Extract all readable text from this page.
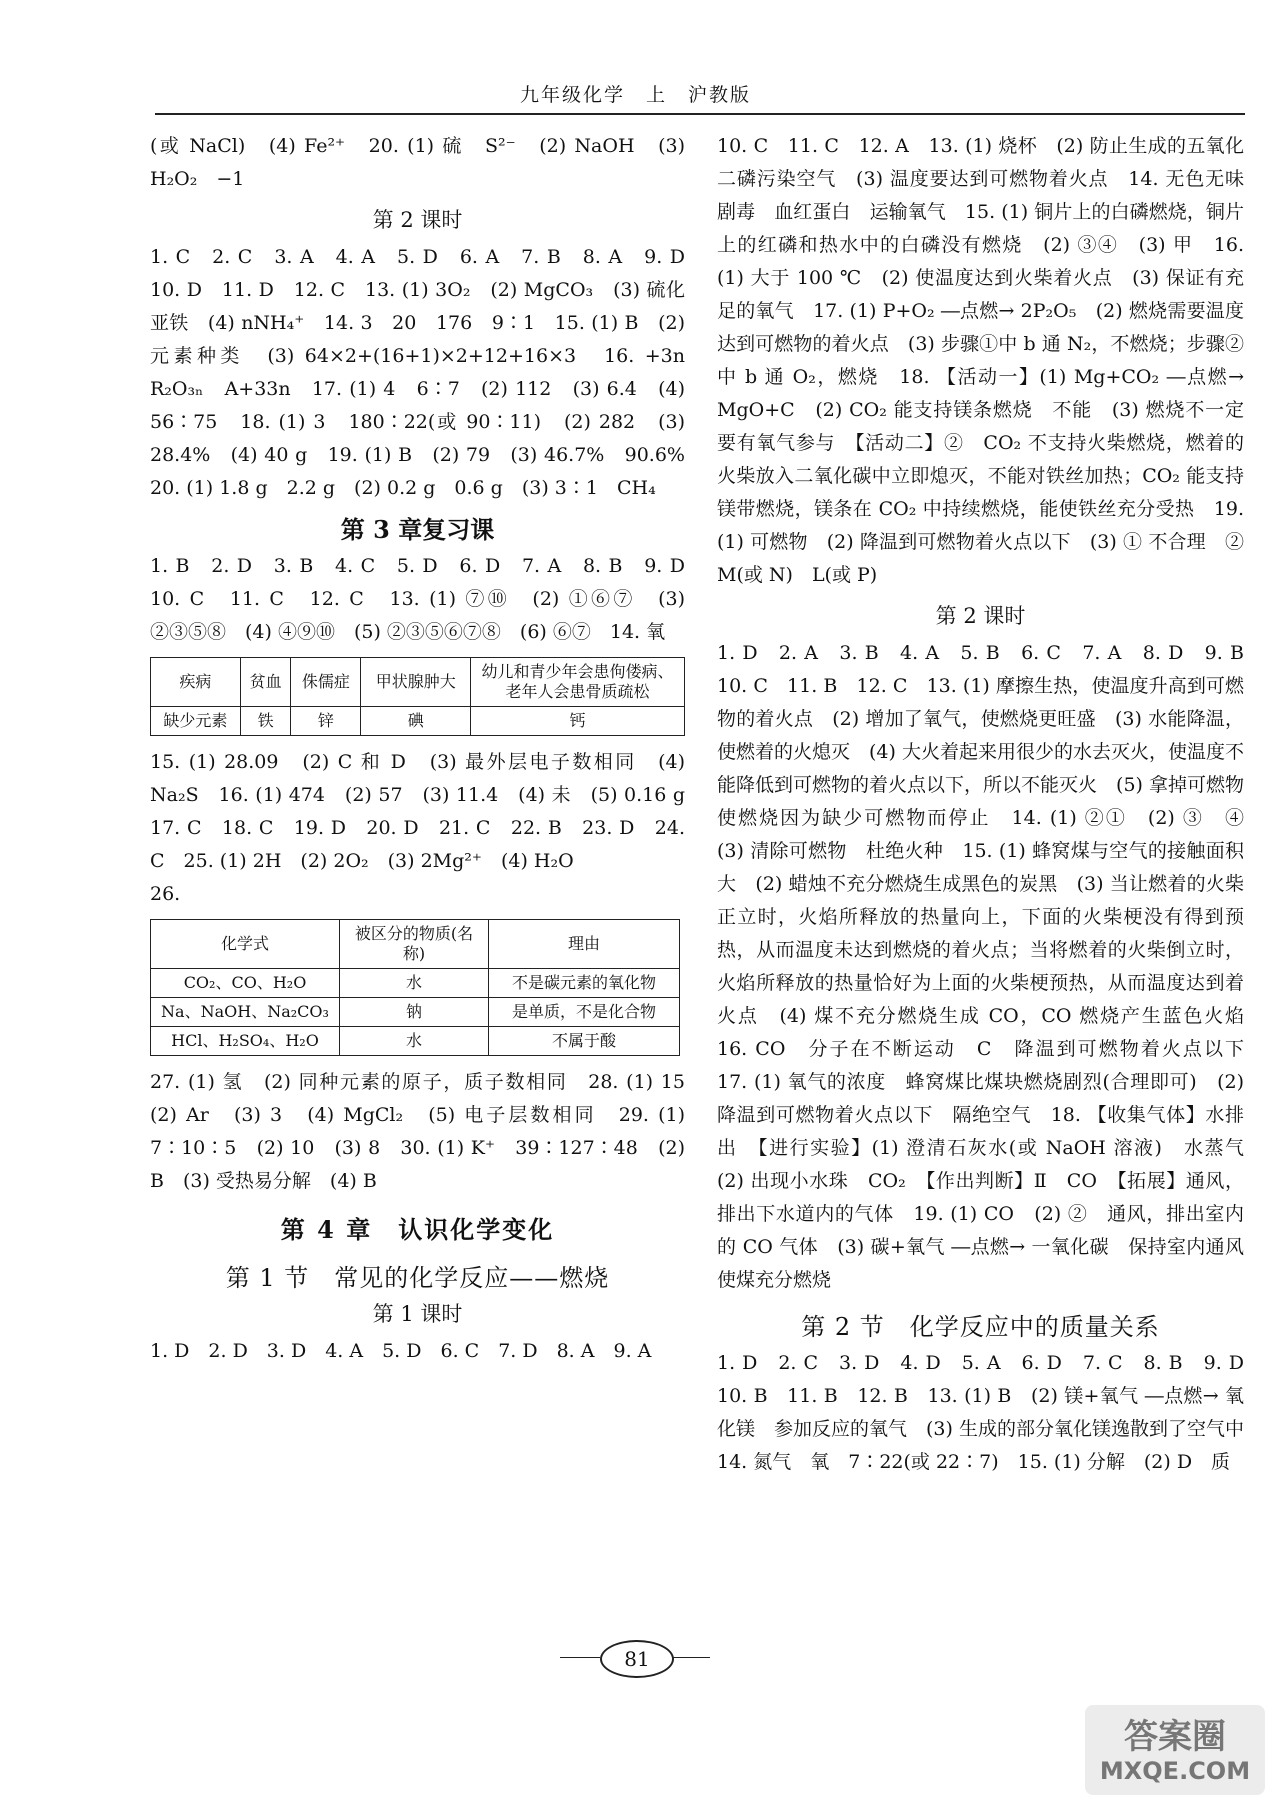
九年级化学　上　沪教版

(或 NaCl)　(4) Fe²⁺　20. (1) 硫　S²⁻　(2) NaOH　(3) H₂O₂　−1

第 2 课时

1. C　2. C　3. A　4. A　5. D　6. A　7. B　8. A　9. D　10. D　11. D　12. C　13. (1) 3O₂　(2) MgCO₃　(3) 硫化亚铁　(4) nNH₄⁺　14. 3　20　176　9∶1　15. (1) B　(2) 元素种类　(3) 64×2+(16+1)×2+12+16×3　16. +3n　R₂O₃ₙ　A+33n　17. (1) 4　6∶7　(2) 112　(3) 6.4　(4) 56∶75　18. (1) 3　180∶22(或 90∶11)　(2) 282　(3) 28.4%　(4) 40 g　19. (1) B　(2) 79　(3) 46.7%　90.6%　20. (1) 1.8 g　2.2 g　(2) 0.2 g　0.6 g　(3) 3∶1　CH₄

第 3 章复习课

1. B　2. D　3. B　4. C　5. D　6. D　7. A　8. B　9. D　10. C　11. C　12. C　13. (1) ⑦⑩　(2) ①⑥⑦　(3) ②③⑤⑧　(4) ④⑨⑩　(5) ②③⑤⑥⑦⑧　(6) ⑥⑦　14. 氧

疾病	贫血	侏儒症	甲状腺肿大	幼儿和青少年会患佝偻病、老年人会患骨质疏松
缺少元素	铁	锌	碘	钙

15. (1) 28.09　(2) C 和 D　(3) 最外层电子数相同　(4) Na₂S　16. (1) 474　(2) 57　(3) 11.4　(4) 未　(5) 0.16 g　17. C　18. C　19. D　20. D　21. C　22. B　23. D　24. C　25. (1) 2H　(2) 2O₂　(3) 2Mg²⁺　(4) H₂O

26.

化学式	被区分的物质(名称)	理由
CO₂、CO、H₂O	水	不是碳元素的氧化物
Na、NaOH、Na₂CO₃	钠	是单质，不是化合物
HCl、H₂SO₄、H₂O	水	不属于酸

27. (1) 氢　(2) 同种元素的原子，质子数相同　28. (1) 15　(2) Ar　(3) 3　(4) MgCl₂　(5) 电子层数相同　29. (1) 7∶10∶5　(2) 10　(3) 8　30. (1) K⁺　39∶127∶48　(2) B　(3) 受热易分解　(4) B

第 4 章　认识化学变化
第 1 节　常见的化学反应——燃烧
第 1 课时

1. D　2. D　3. D　4. A　5. D　6. C　7. D　8. A　9. A

10. C　11. C　12. A　13. (1) 烧杯　(2) 防止生成的五氧化二磷污染空气　(3) 温度要达到可燃物着火点　14. 无色无味　剧毒　血红蛋白　运输氧气　15. (1) 铜片上的白磷燃烧，铜片上的红磷和热水中的白磷没有燃烧　(2) ③④　(3) 甲　16. (1) 大于 100 ℃　(2) 使温度达到火柴着火点　(3) 保证有充足的氧气　17. (1) P+O₂ ―点燃→ 2P₂O₅　(2) 燃烧需要温度达到可燃物的着火点　(3) 步骤①中 b 通 N₂，不燃烧；步骤②中 b 通 O₂，燃烧　18. 【活动一】(1) Mg+CO₂ ―点燃→ MgO+C　(2) CO₂ 能支持镁条燃烧　不能　(3) 燃烧不一定要有氧气参与　【活动二】②　CO₂ 不支持火柴燃烧，燃着的火柴放入二氧化碳中立即熄灭，不能对铁丝加热；CO₂ 能支持镁带燃烧，镁条在 CO₂ 中持续燃烧，能使铁丝充分受热　19. (1) 可燃物　(2) 降温到可燃物着火点以下　(3) ① 不合理　② M(或 N)　L(或 P)

第 2 课时

1. D　2. A　3. B　4. A　5. B　6. C　7. A　8. D　9. B　10. C　11. B　12. C　13. (1) 摩擦生热，使温度升高到可燃物的着火点　(2) 增加了氧气，使燃烧更旺盛　(3) 水能降温，使燃着的火熄灭　(4) 大火着起来用很少的水去灭火，使温度不能降低到可燃物的着火点以下，所以不能灭火　(5) 拿掉可燃物使燃烧因为缺少可燃物而停止　14. (1) ②①　(2) ③　④　(3) 清除可燃物　杜绝火种　15. (1) 蜂窝煤与空气的接触面积大　(2) 蜡烛不充分燃烧生成黑色的炭黑　(3) 当让燃着的火柴正立时，火焰所释放的热量向上，下面的火柴梗没有得到预热，从而温度未达到燃烧的着火点；当将燃着的火柴倒立时，火焰所释放的热量恰好为上面的火柴梗预热，从而温度达到着火点　(4) 煤不充分燃烧生成 CO，CO 燃烧产生蓝色火焰　16. CO　分子在不断运动　C　降温到可燃物着火点以下　17. (1) 氧气的浓度　蜂窝煤比煤块燃烧剧烈(合理即可)　(2) 降温到可燃物着火点以下　隔绝空气　18. 【收集气体】水排出　【进行实验】(1) 澄清石灰水(或 NaOH 溶液)　水蒸气　(2) 出现小水珠　CO₂　【作出判断】Ⅱ　CO　【拓展】通风，排出下水道内的气体　19. (1) CO　(2) ②　通风，排出室内的 CO 气体　(3) 碳+氧气 ―点燃→ 一氧化碳　保持室内通风　使煤充分燃烧

第 2 节　化学反应中的质量关系

1. D　2. C　3. D　4. D　5. A　6. D　7. C　8. B　9. D　10. B　11. B　12. B　13. (1) B　(2) 镁+氧气 ―点燃→ 氧化镁　参加反应的氧气　(3) 生成的部分氧化镁逸散到了空气中　14. 氮气　氧　7∶22(或 22∶7)　15. (1) 分解　(2) D　质

81
答案圈
MXQE.COM
